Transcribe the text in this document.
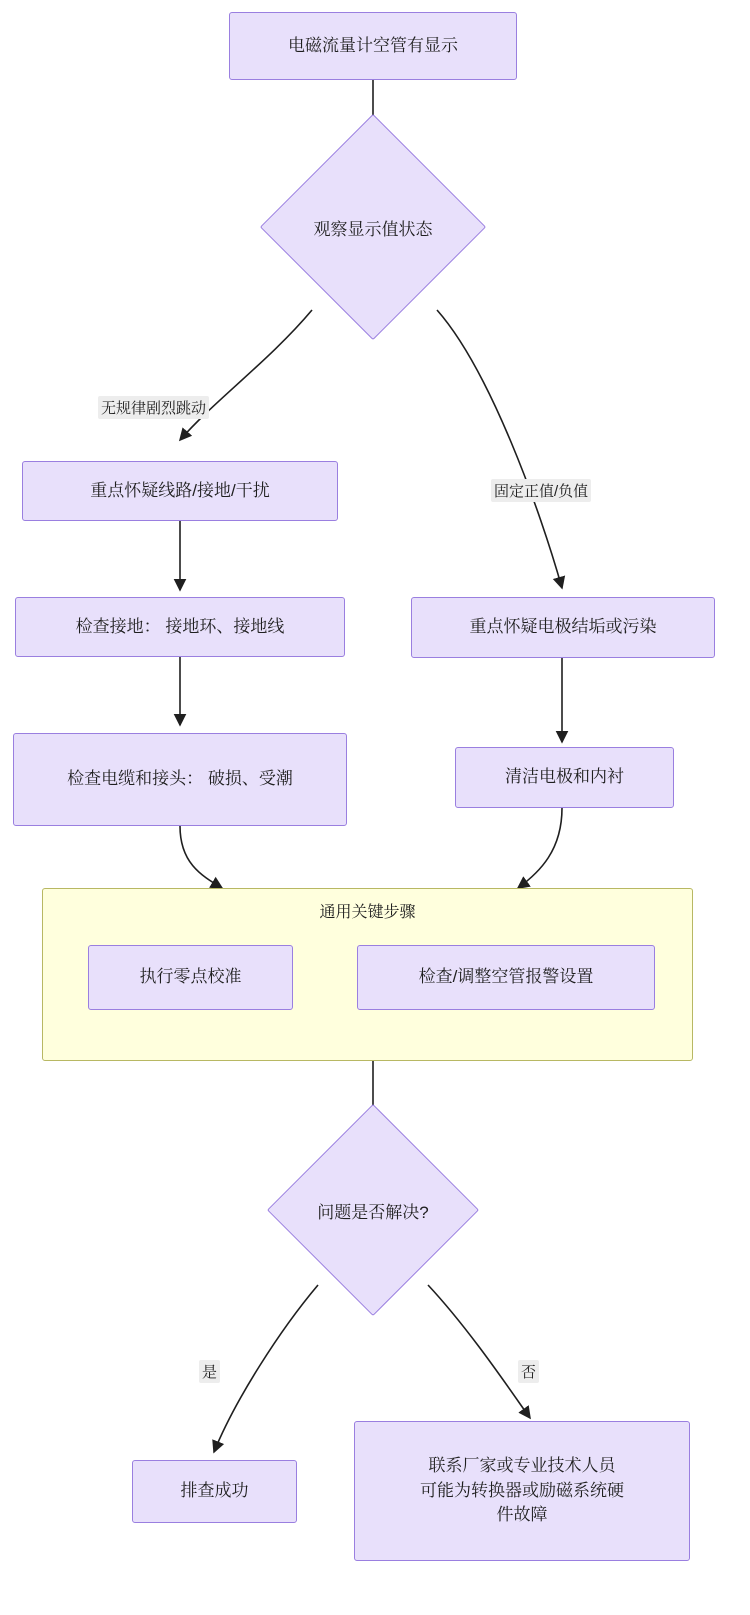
电磁流量计空管有显示
观察显示值状态
无规律剧烈跳动
固定正值/负值
重点怀疑线路/接地/干扰
检查接地： 接地环、接地线
检查电缆和接头： 破损、受潮
重点怀疑电极结垢或污染
清洁电极和内衬
通用关键步骤
执行零点校准	检查/调整空管报警设置
问题是否解决?
是	否
排查成功
联系厂家或专业技术人员
可能为转换器或励磁系统硬
件故障
